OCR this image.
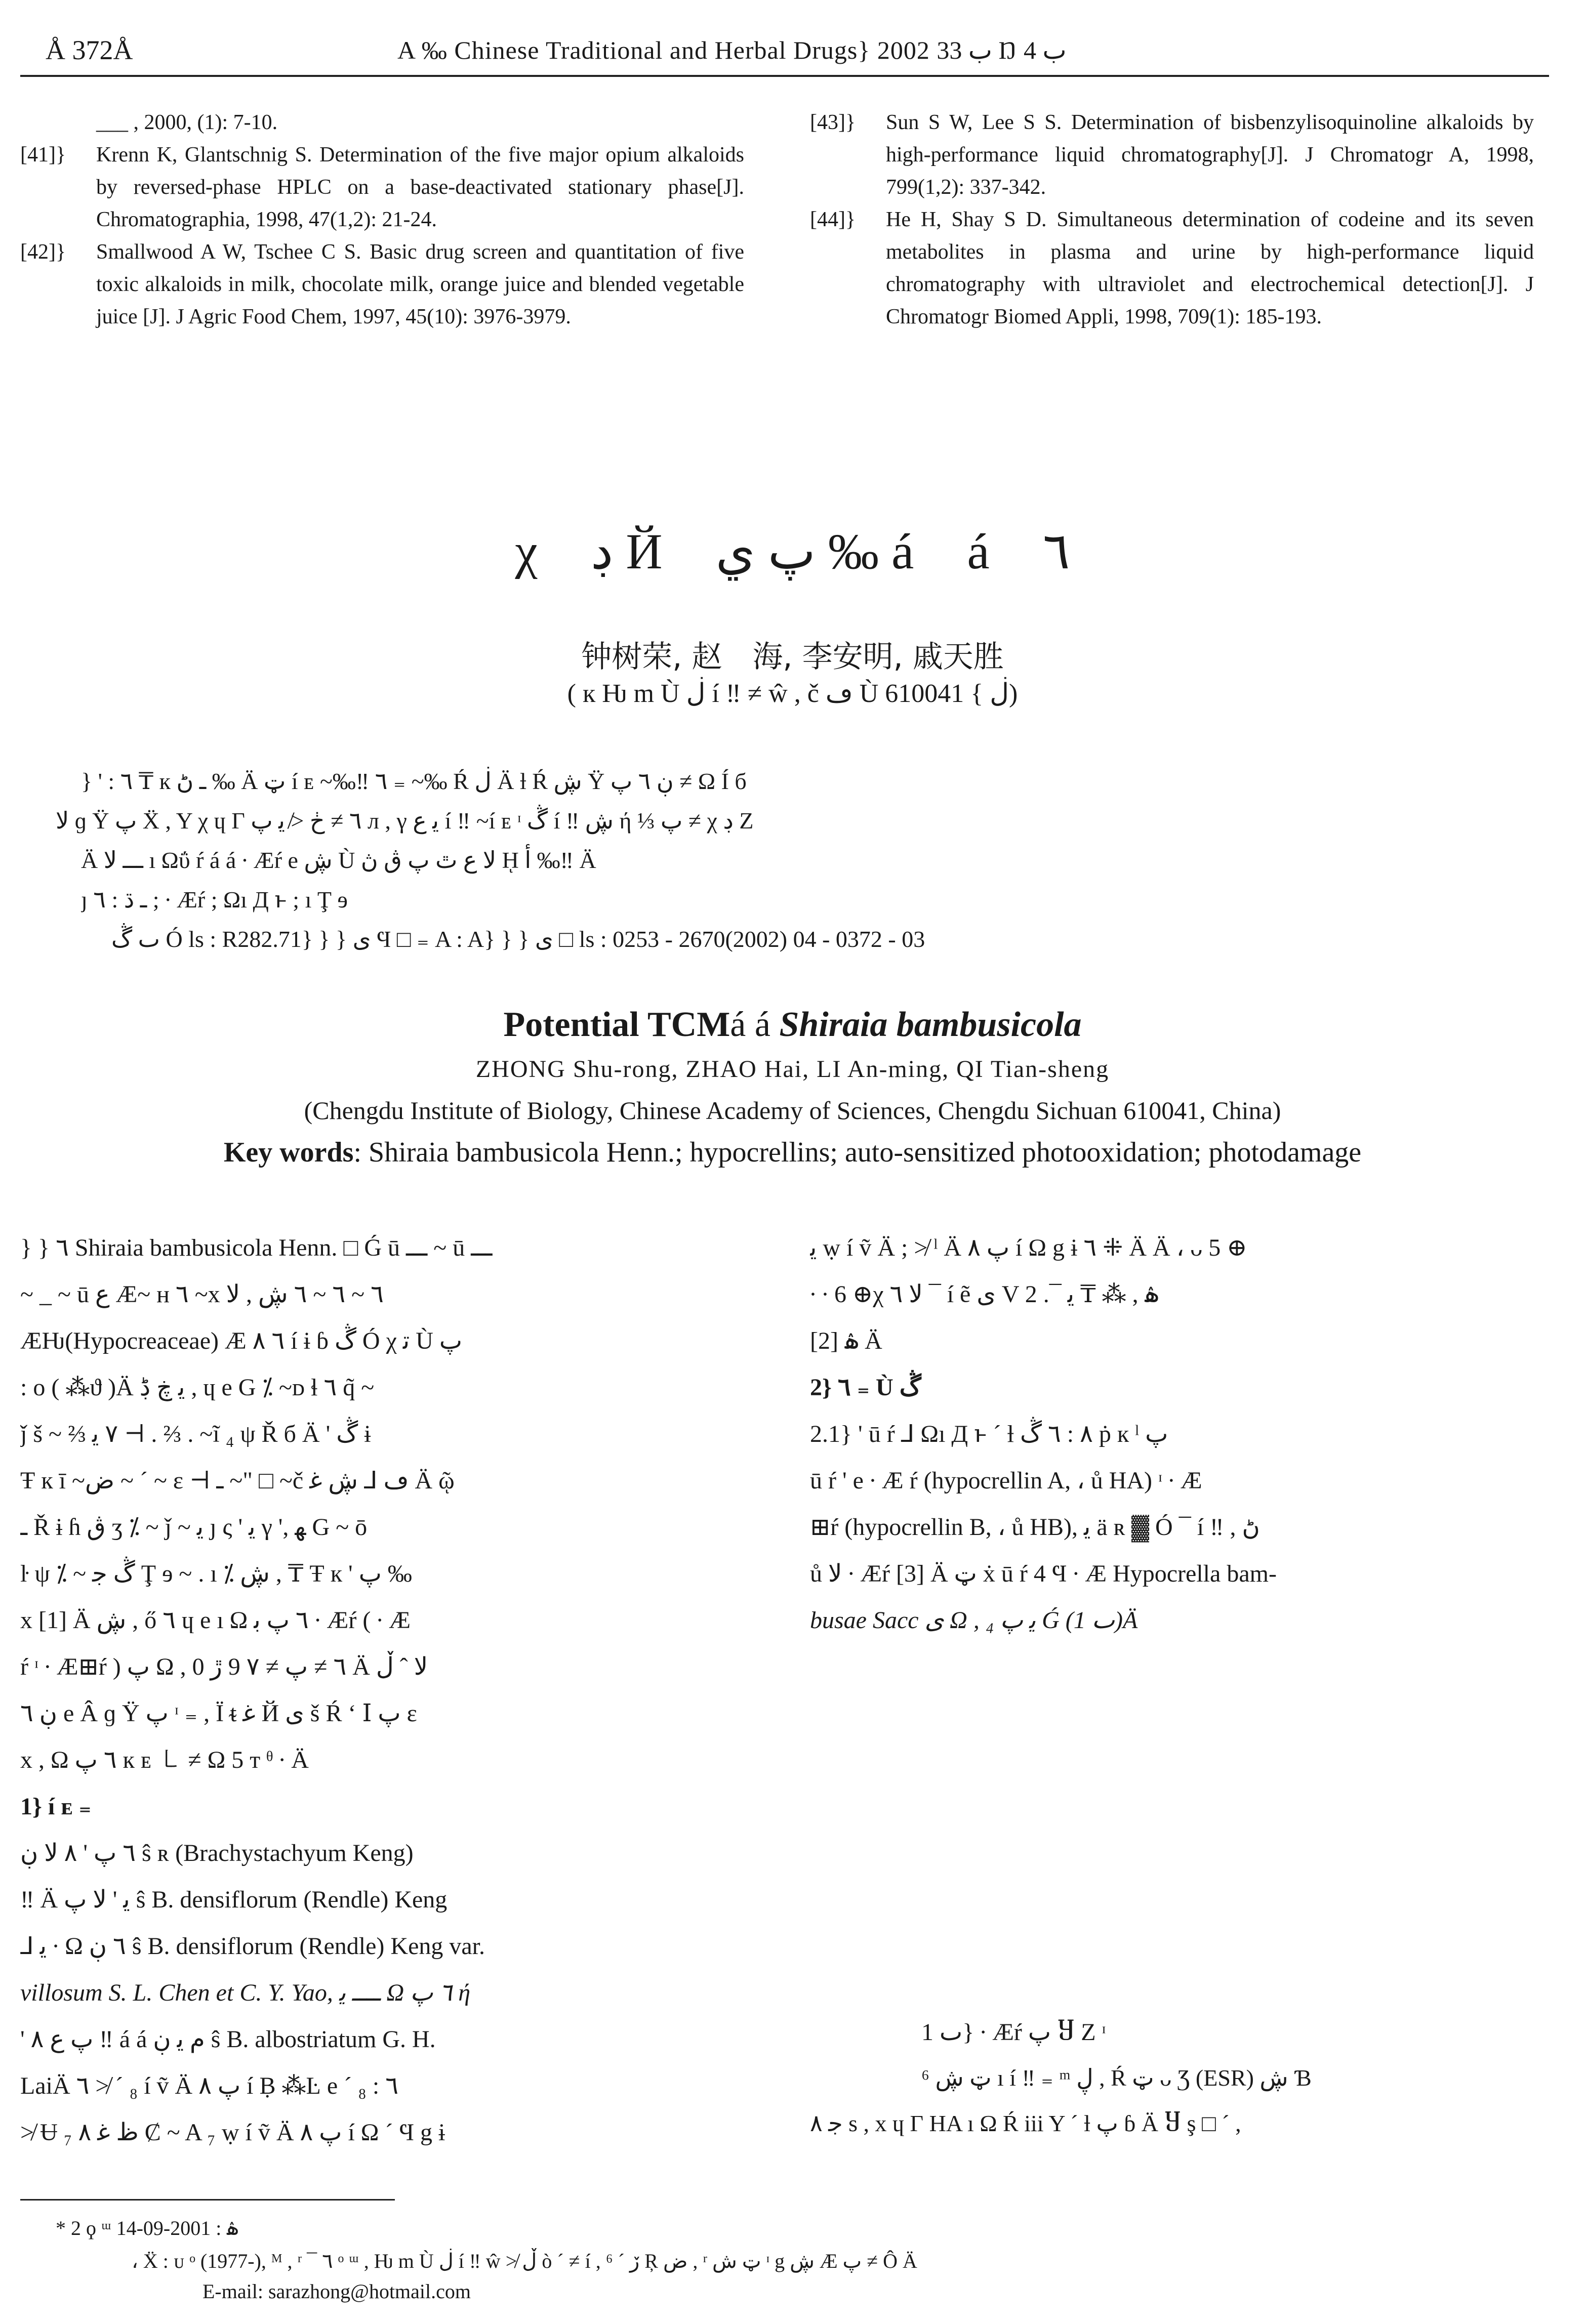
Å 372Å	A ‰ Chinese Traditional and Herbal Drugs} 2002 ب 33 Ŋ ب 4
___ , 2000, (1): 7-10.
[41]}	Krenn K, Glantschnig S. Determination of the five major opium alkaloids by reversed-phase HPLC on a base-deactivated stationary phase[J]. Chromatographia, 1998, 47(1,2): 21-24.
[42]}	Smallwood A W, Tschee C S. Basic drug screen and quantitation of five toxic alkaloids in milk, chocolate milk, orange juice and blended vegetable juice [J]. J Agric Food Chem, 1997, 45(10): 3976-3979.
[43]}	Sun S W, Lee S S. Determination of bisbenzylisoquinoline alkaloids by high-performance liquid chromatography[J]. J Chromatogr A, 1998, 799(1,2): 337-342.
[44]}	He H, Shay S D. Simultaneous determination of codeine and its seven metabolites in plasma and urine by high-performance liquid chromatography with ultraviolet and electrochemical detection[J]. J Chromatogr Biomed Appli, 1998, 709(1): 185-193.
χ ڊ Й پ ي ‰ á á ٦
钟树荣, 赵　海, 李安明, 戚天胜
( к Ƕ m Ù ڶ í ‼ ≠ ŵ , č ڡ Ù ڶ } 610041)
} ' : ٦ ₸ к ـ ڻ ‰ Ä ټ í ᴇ ~‰‼ ٦ ₌ ~‰ Ŕ ڶ Ä ƚ Ŕ ڜ Ÿ ڹ ٦ پ ≠ Ω Í б
ﻻ ɡ Ÿ پ Ẍ , Y χ ɥ Γ ٦ ≠ ڂ ≯ ﻳ پ л , γ ﻳ ﻉ í ‼ ~í ᴇ ᶦ ڴ í ‼ ڜ ή ⅓ پ ≠ χ ڊ Ζ
Ä ـــ ﻻ ı Ωΰ ŕ á á ∙ Æŕ e ڜ Ù ﻻ ﻉ ٿ پ ڨ ڽ ῌ ﺃ ‰‼ Ä
ȷ ـ ڌ : ٦ ; ∙ Æŕ ; Ωı Д ͱ ; ı Ţ ɘ
ٮ ڴ Ó ls : R282.71} } } ﻯ Ϥ □ ₌ A : A} } } ﻯ □ ls : 0253 - 2670(2002) 04 - 0372 - 03
Potential TCMá á Shiraia bambusicola
ZHONG Shu-rong, ZHAO Hai, LI An-ming, QI Tian-sheng
(Chengdu Institute of Biology, Chinese Academy of Sciences, Chengdu Sichuan 610041, China)
Key words: Shiraia bambusicola Henn.; hypocrellins; auto-sensitized photooxidation; photodamage
} } ٦ Shiraia bambusicola Henn. □ Ǵ ū ـــ ~ ū ـــ
~ _ ~ ū ﻉ Æ~ ʜ ٦ ~x ٦ ~ ٦ ~ ٦ ڜ , ﻻ
ÆǶ(Hypocreaceae) Æ ٦ ٨ í ɨ ɓ ڴ Ó χ ﺗ Ù پ
: o ( ⁂ϑ )Ä ﻳ ڿ ڋ , ɥ e G ⁒ ~ᴅ ɬ ٦ q̃ ~
ǰ š ~ ⅔ ٧ ﻳ ⊣ . ⅔ . ~ĩ ₄ ψ Ř б Ä ' ڴ ɨ
Ŧ к ī ~ﺽ ~ ´ ~ ɛ ⊣ ـ ~" □ ~č ڡ ⅃ ڜ ﻏ Ä ῷ
ـ Ř ɨ ɦ ڨ ʒ ⁒ ~ ǰ ~ ﻳ ȷ ς ' ﻳ γ ', ﻬ G ~ ō
ŀ ψ ⁒ ~ ڴ ﺟ Ţ ɘ ~ . ı ⁒ ڜ , ₸ Ŧ к ' پ ‰
x [1] Ä ڜ , ő ٦ ɥ e ı Ω ٦ پ ﺑ ∙ Æŕ ( ∙ Æ
ŕ ᶦ ∙ Æ⊞ŕ ) پ Ω , ٦ ≠ پ ≠ ٧ 9 ڙ 0 Ä ﻻ ˆ ڵ
ڹ ٦ e Â ɡ Ÿ پ ᶦ ₌ , Ï ᵵ ﻏ Й ﻯ š Ŕ ʻ Ⅰ پ ε
x , Ω ٦ پ к ᴇ ㇄ ≠ Ω 5 ᴛ ᶿ ∙ Ä
1} í ᴇ ₌
٦ پ ' ٨ ﻻ ڹ ŝ ʀ (Brachystachyum Keng)
‼ Ä ﻳ ' ﻻ پ ŝ B. densiflorum (Rendle) Keng
⅃ ﻳ ∙ Ω ٦ ڹ ŝ B. densiflorum (Rendle) Keng var.
villosum S. L. Chen et C. Y. Yao, ــــ ﻳ Ω ٦ پ ή
' پ ﻉ ٨ ‼ á á ﻡ ﻳ ڹ ŝ B. albostriatum G. H.
LaiÄ ٦ ≯ ´ ₈ í ṽ Ä پ ٨ í Ḅ ⁂Ŀ e ´ ₈ : ٦
≯ Ʉ ظ ﻏ ٨ ₇ Ȼ ~ A ₇ ẉ í ṽ Ä پ ٨ í Ω ´ Ϥ g ɨ
ﻳ ẉ í ṽ Ä ; ≯ ˡ Ä پ ٨ í Ω g ɨ ٦ ⁜ Ä Ä ، ᴗ 5 ⊕
∙ ∙ 6 ⊕χ ﻻ ٦ ¯ í ẽ ﻯ V ۿ , ⁂ ₸ ﻳ ¯. 2
ۿ [2] Ä
2} ٦ ₌ Ù ڴ
2.1} ' ū ŕ ⅃ Ωı Д ͱ ´ ƚ ٨ : ٦ ڴ ṗ к ˡ پ
ū ŕ ' e ∙ Æ ŕ (hypocrellin A, ، ů HA) ᶦ ∙ Æ
⊞ŕ (hypocrellin B, ، ů HB), ﻳ ä ʀ ▓ Ó ¯ í ‼ , ڻ
ů ﻻ ∙ Æŕ [3] Ä ټ ẋ ū ŕ 4 Ϥ ∙ Æ Hypocrella bam-
busae Sacc ﻯ Ω , ₄ ﻳ پ Ǵ (ٮ 1)Ä
ٮ 1} ∙ Æŕ پ Ⴘ Ζ ᶦ
⁶ ټ ڜ ı í ‼ ₌ ᵐ ڸ , Ŕ ټ ᴗ Ʒ (ESR) ڜ Ɓ
ﺟ ٨ s , x ɥ Γ HA ı Ω Ŕ iii Y ´ ƚ پ ɓ Ä Ⴘ ş □ ´ ,
* 2 ϙ ᵚ ۿ : 2001-09-14
، Ẍ : ᴜ ᵒ (1977-), ᴹ , ʳ ¯ ٦ ᵒ ᵚ , Ƕ m Ù ڶ í ‼ ŵ ≯ ڵ ò ´ ≠ í , ڒ ´ ⁶ Ŗ ﺽ , ʳ ټ ﺵ ᶦ g ڜ Æ پ ≠ Ô Ä
E-mail: sarazhong@hotmail.com
